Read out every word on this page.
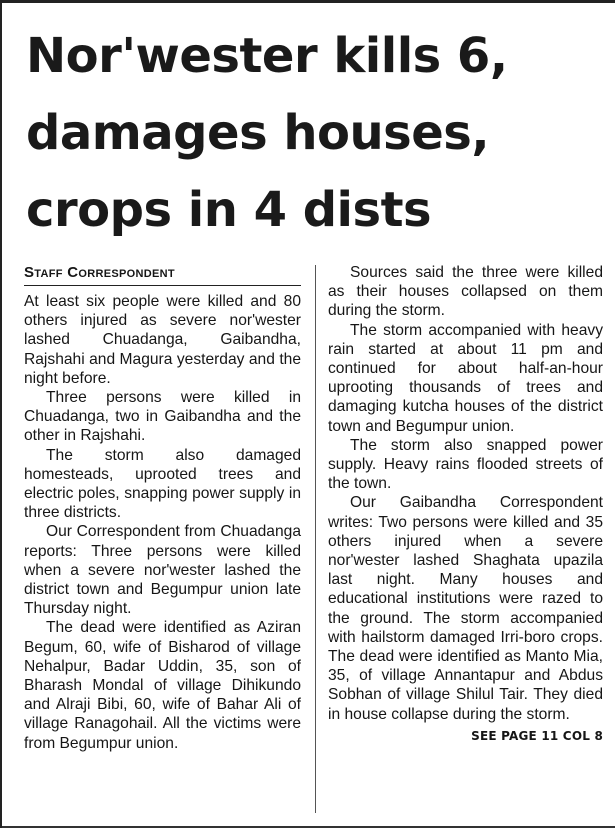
Nor'wester kills 6,
damages houses,
crops in 4 dists
Staff Correspondent

At least six people were killed and 80 others injured as severe nor'wester lashed Chuadanga, Gaibandha, Rajshahi and Magura yesterday and the night before.

Three persons were killed in Chuadanga, two in Gaibandha and the other in Rajshahi.

The storm also damaged homesteads, uprooted trees and electric poles, snapping power supply in three districts.

Our Correspondent from Chuadanga reports: Three persons were killed when a severe nor'wester lashed the district town and Begumpur union late Thursday night.

The dead were identified as Aziran Begum, 60, wife of Bisharod of village Nehalpur, Badar Uddin, 35, son of Bharash Mondal of village Dihikundo and Alraji Bibi, 60, wife of Bahar Ali of village Ranagohail. All the victims were from Begumpur union.

Sources said the three were killed as their houses collapsed on them during the storm.

The storm accompanied with heavy rain started at about 11 pm and continued for about half-an-hour uprooting thousands of trees and damaging kutcha houses of the district town and Begumpur union.

The storm also snapped power supply. Heavy rains flooded streets of the town.

Our Gaibandha Correspondent writes: Two persons were killed and 35 others injured when a severe nor'wester lashed Shaghata upazila last night. Many houses and educational institutions were razed to the ground. The storm accompanied with hailstorm damaged Irri-boro crops. The dead were identified as Manto Mia, 35, of village Annantapur and Abdus Sobhan of village Shilul Tair. They died in house collapse during the storm.

SEE PAGE 11 COL 8
